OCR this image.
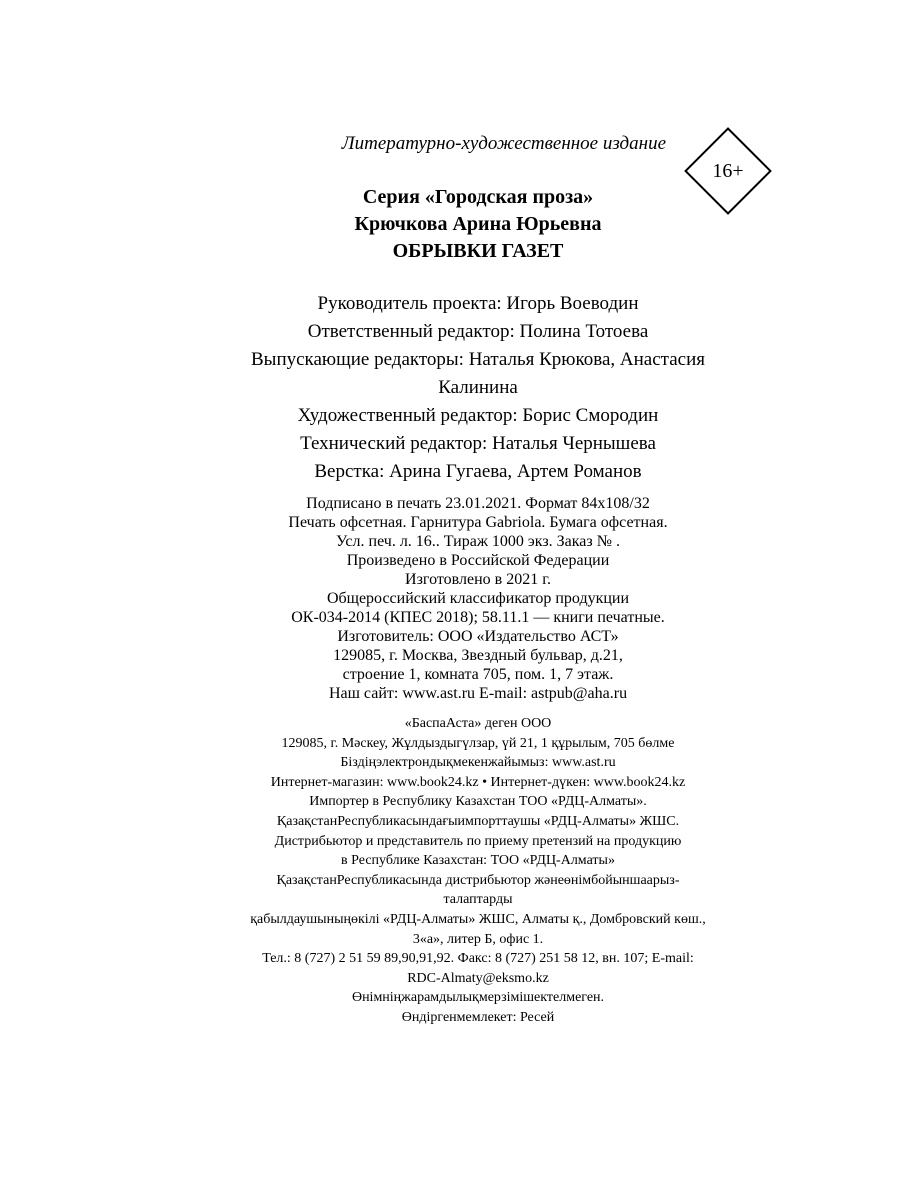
Литературно-художественное издание
16+
Серия «Городская проза»
Крючкова Арина Юрьевна
ОБРЫВКИ ГАЗЕТ
Руководитель проекта: Игорь Воеводин
Ответственный редактор: Полина Тотоева
Выпускающие редакторы: Наталья Крюкова, Анастасия
Калинина
Художественный редактор: Борис Смородин
Технический редактор: Наталья Чернышева
Верстка: Арина Гугаева, Артем Романов
Подписано в печать 23.01.2021. Формат 84х108/32
Печать офсетная. Гарнитура Gabriola. Бумага офсетная.
Усл. печ. л. 16.. Тираж 1000 экз. Заказ № .
Произведено в Российской Федерации
Изготовлено в 2021 г.
Общероссийский классификатор продукции
ОК-034-2014 (КПЕС 2018); 58.11.1 — книги печатные.
Изготовитель: ООО «Издательство АСТ»
129085, г. Москва, Звездный бульвар, д.21,
строение 1, комната 705, пом. 1, 7 этаж.
Наш сайт: www.ast.ru E-mail: astpub@aha.ru
«БаспаАста» деген ООО
129085, г. Мәскеу, Жұлдыздыгүлзар, үй 21, 1 құрылым, 705 бөлме
Біздіңэлектрондықмекенжайымыз: www.ast.ru
Интернет-магазин: www.book24.kz • Интернет-дүкен: www.book24.kz
Импортер в Республику Казахстан ТОО «РДЦ-Алматы».
ҚазақстанРеспубликасындағыимпорттаушы «РДЦ-Алматы» ЖШС.
Дистрибьютор и представитель по приему претензий на продукцию
в Республике Казахстан: ТОО «РДЦ-Алматы»
ҚазақстанРеспубликасында дистрибьютор жәнеөнімбойыншаарыз-
талаптарды
қабылдаушыныңөкілі «РДЦ-Алматы» ЖШС, Алматы қ., Домбровский көш.,
3«а», литер Б, офис 1.
Тел.: 8 (727) 2 51 59 89,90,91,92. Факс: 8 (727) 251 58 12, вн. 107; E-mail:
RDC-Almaty@eksmo.kz
Өнімніңжарамдылықмерзімішектелмеген.
Өндіргенмемлекет: Ресей
